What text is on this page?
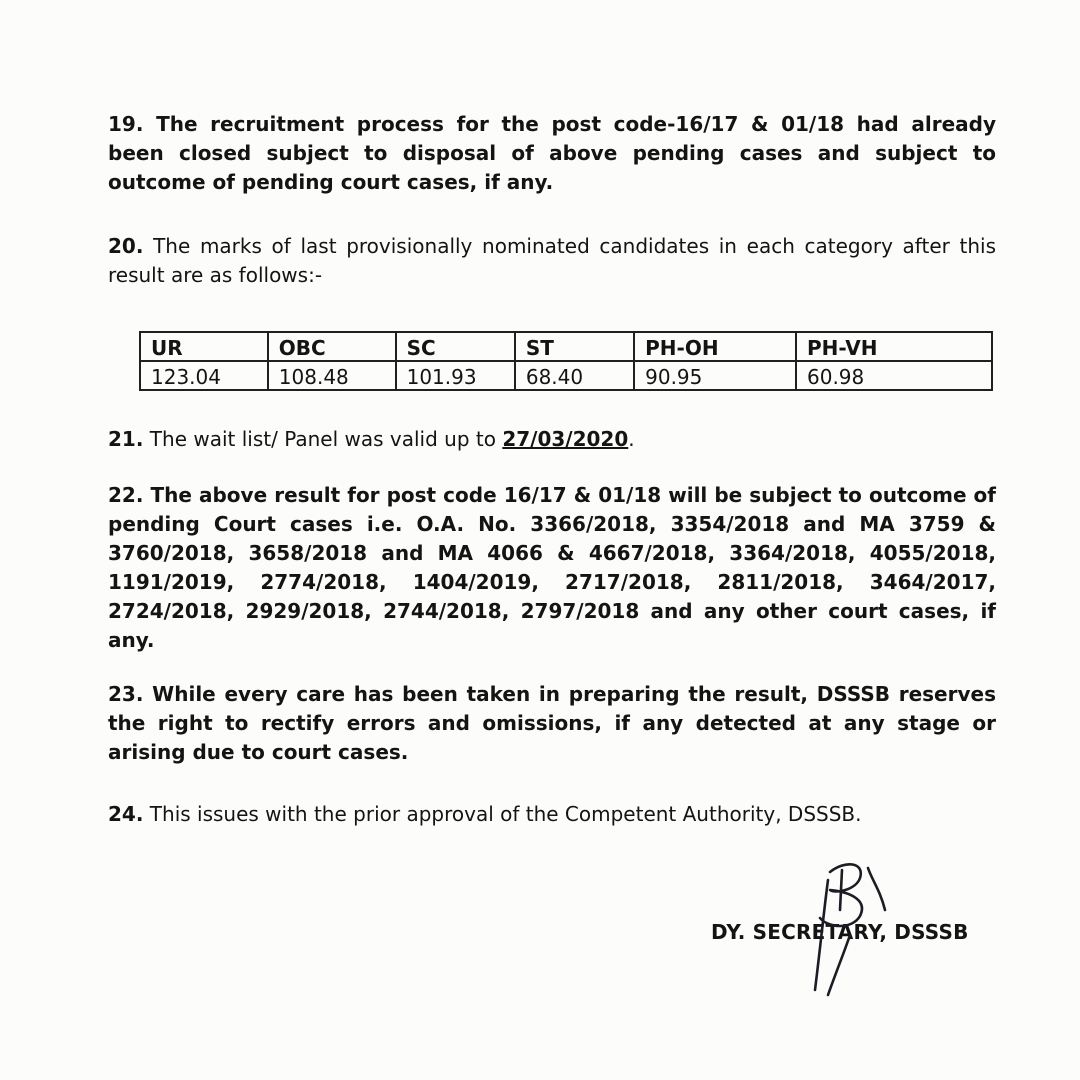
19. The recruitment process for the post code-16/17 & 01/18 had already been closed subject to disposal of above pending cases and subject to outcome of pending court cases, if any.
20. The marks of last provisionally nominated candidates in each category after this result are as follows:-
UR	OBC	SC	ST	PH-OH	PH-VH
123.04	108.48	101.93	68.40	90.95	60.98
21. The wait list/ Panel was valid up to 27/03/2020.
22. The above result for post code 16/17 & 01/18 will be subject to outcome of pending Court cases i.e. O.A. No. 3366/2018, 3354/2018 and MA 3759 & 3760/2018, 3658/2018 and MA 4066 & 4667/2018, 3364/2018, 4055/2018, 1191/2019, 2774/2018, 1404/2019, 2717/2018, 2811/2018, 3464/2017, 2724/2018, 2929/2018, 2744/2018, 2797/2018 and any other court cases, if any.
23. While every care has been taken in preparing the result, DSSSB reserves the right to rectify errors and omissions, if any detected at any stage or arising due to court cases.
24. This issues with the prior approval of the Competent Authority, DSSSB.
DY. SECRETARY, DSSSB
